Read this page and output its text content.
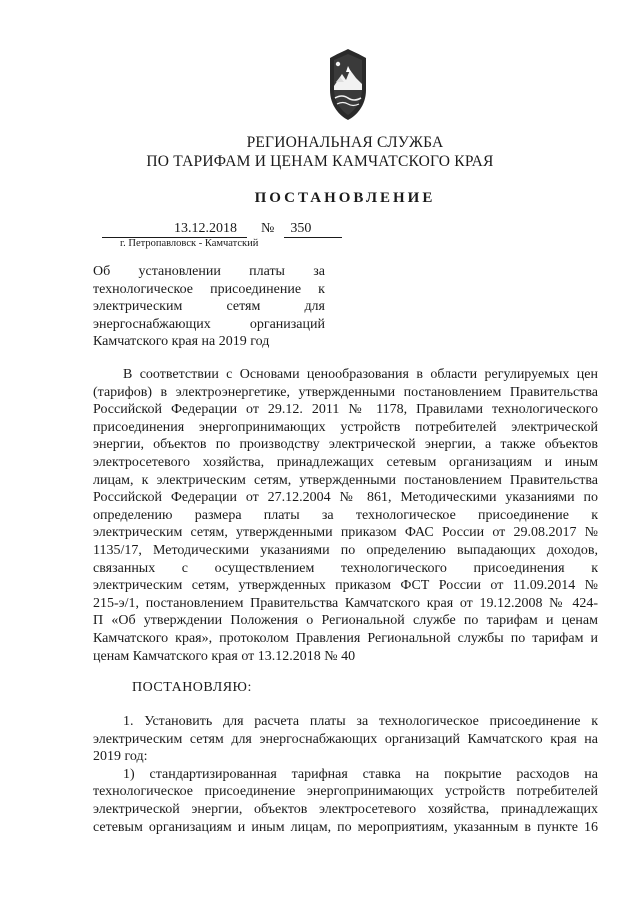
РЕГИОНАЛЬНАЯ СЛУЖБА
ПО ТАРИФАМ И ЦЕНАМ КАМЧАТСКОГО КРАЯ
ПОСТАНОВЛЕНИЕ
13.12.2018 № 350
г. Петропавловск - Камчатский
Об установлении платы за
технологическое присоединение к
электрическим сетям для
энергоснабжающих организаций
Камчатского края на 2019 год
В соответствии с Основами ценообразования в области регулируемых цен
(тарифов) в электроэнергетике, утвержденными постановлением Правительства
Российской Федерации от 29.12. 2011 № 1178, Правилами технологического
присоединения энергопринимающих устройств потребителей электрической
энергии, объектов по производству электрической энергии, а также объектов
электросетевого хозяйства, принадлежащих сетевым организациям и иным
лицам, к электрическим сетям, утвержденными постановлением Правительства
Российской Федерации от 27.12.2004 № 861, Методическими указаниями по
определению размера платы за технологическое присоединение к
электрическим сетям, утвержденными приказом ФАС России от 29.08.2017 №
1135/17, Методическими указаниями по определению выпадающих доходов,
связанных с осуществлением технологического присоединения к
электрическим сетям, утвержденных приказом ФСТ России от 11.09.2014 №
215-э/1, постановлением Правительства Камчатского края от 19.12.2008 № 424-
П «Об утверждении Положения о Региональной службе по тарифам и ценам
Камчатского края», протоколом Правления Региональной службы по тарифам и
ценам Камчатского края от 13.12.2018 № 40
ПОСТАНОВЛЯЮ:
1. Установить для расчета платы за технологическое присоединение к
электрическим сетям для энергоснабжающих организаций Камчатского края на
2019 год:
1) стандартизированная тарифная ставка на покрытие расходов на
технологическое присоединение энергопринимающих устройств потребителей
электрической энергии, объектов электросетевого хозяйства, принадлежащих
сетевым организациям и иным лицам, по мероприятиям, указанным в пункте 16
